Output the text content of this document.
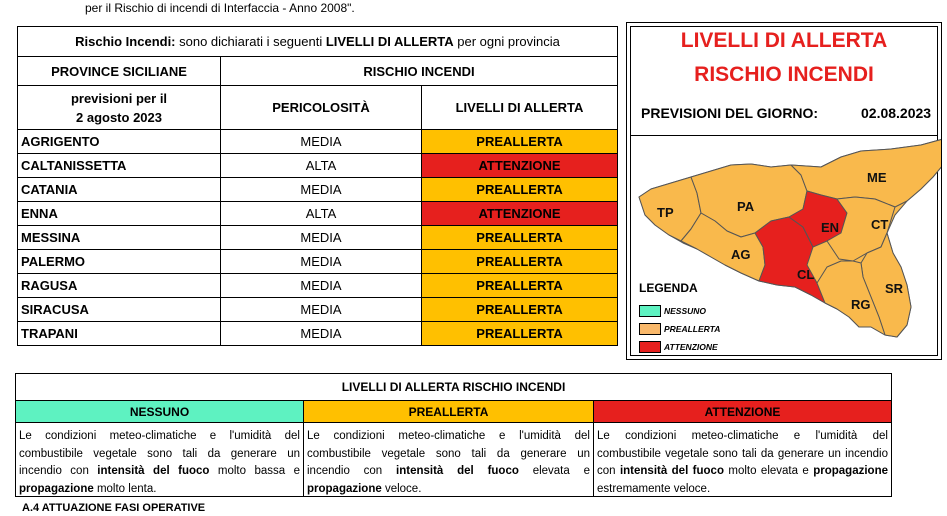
per il Rischio di incendi di Interfaccia - Anno 2008".
Rischio Incendi: sono dichiarati i seguenti LIVELLI DI ALLERTA per ogni provincia		
PROVINCE SICILIANE	RISCHIO INCENDI	
previsioni per il
2 agosto 2023	PERICOLOSITÀ	LIVELLI DI ALLERTA
AGRIGENTO	MEDIA	PREALLERTA
CALTANISSETTA	ALTA	ATTENZIONE
CATANIA	MEDIA	PREALLERTA
ENNA	ALTA	ATTENZIONE
MESSINA	MEDIA	PREALLERTA
PALERMO	MEDIA	PREALLERTA
RAGUSA	MEDIA	PREALLERTA
SIRACUSA	MEDIA	PREALLERTA
TRAPANI	MEDIA	PREALLERTA
LIVELLI DI ALLERTA
RISCHIO INCENDI
PREVISIONI DEL GIORNO:	02.08.2023
TP	PA
ME
AG
EN CT
CL
SR
RG
LEGENDA
NESSUNO
PREALLERTA
ATTENZIONE
LIVELLI DI ALLERTA RISCHIO INCENDI
NESSUNO	PREALLERTA	ATTENZIONE
Le condizioni meteo-climatiche e l'umidità del combustibile vegetale sono tali da generare un incendio con intensità del fuoco molto bassa e propagazione molto lenta.
Le condizioni meteo-climatiche e l'umidità del combustibile vegetale sono tali da generare un incendio con intensità del fuoco elevata e propagazione veloce.
Le condizioni meteo-climatiche e l'umidità del combustibile vegetale sono tali da generare un incendio con intensità del fuoco molto elevata e propagazione estremamente veloce.
A.4 ATTUAZIONE FASI OPERATIVE
